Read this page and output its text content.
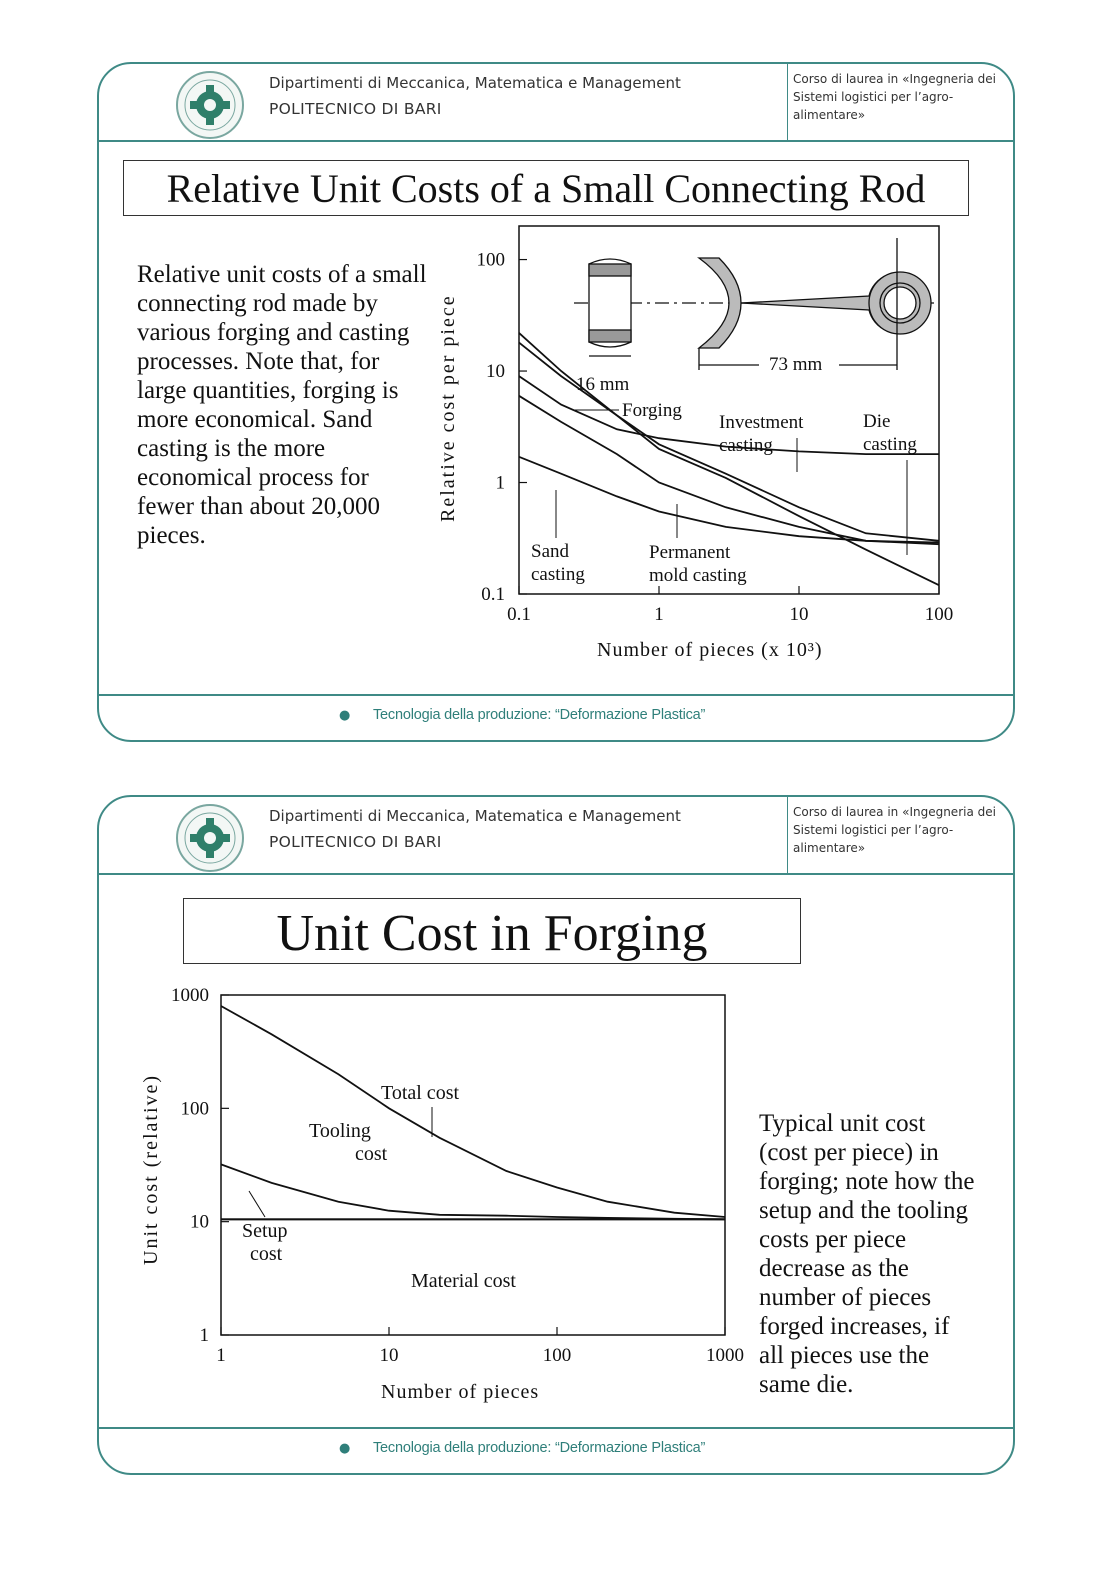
Dipartimenti di Meccanica, Matematica e Management
POLITECNICO DI BARI
Corso di laurea in «Ingegneria dei Sistemi logistici per l’agro-alimentare»
Relative Unit Costs of a Small Connecting Rod
Relative unit costs of a small connecting rod made by various forging and casting processes. Note that, for large quantities, forging is more economical. Sand casting is the more economical process for fewer than about 20,000 pieces.
16 mm
73 mm
0.1	1	10	100
0.1
1
10
100
Relative cost per piece
Number of pieces (x 10³)
Forging
Investment casting
Die casting
Sand casting
Permanent mold casting
● Tecnologia della produzione: “Deformazione Plastica”
Dipartimenti di Meccanica, Matematica e Management
POLITECNICO DI BARI
Corso di laurea in «Ingegneria dei Sistemi logistici per l’agro-alimentare»
Unit Cost in Forging
1	10	100	1000
1
10
100
1000
Unit cost (relative)
Number of pieces
Total cost
Tooling cost
Setup cost
Material cost
Typical unit cost (cost per piece) in forging; note how the setup and the tooling costs per piece decrease as the number of pieces forged increases, if all pieces use the same die.
● Tecnologia della produzione: “Deformazione Plastica”
